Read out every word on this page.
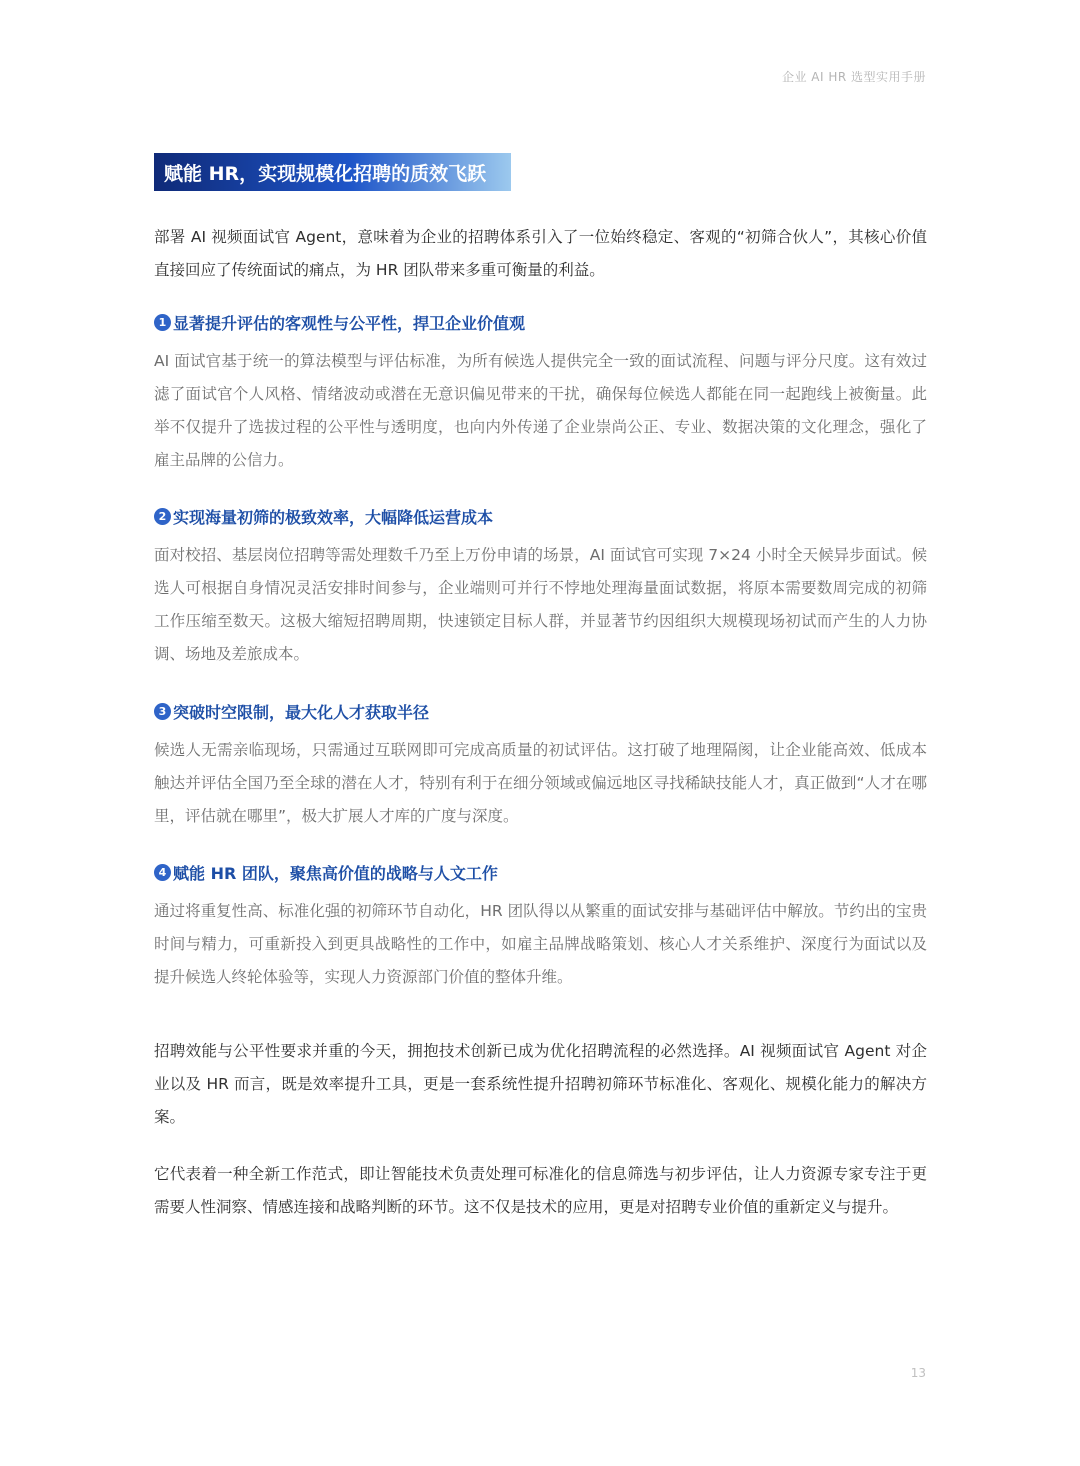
企业 AI HR 选型实用手册
赋能 HR，实现规模化招聘的质效飞跃

部署 AI 视频面试官 Agent，意味着为企业的招聘体系引入了一位始终稳定、客观的“初筛合伙人”，其核心价值直接回应了传统面试的痛点，为 HR 团队带来多重可衡量的利益。

1 显著提升评估的客观性与公平性，捍卫企业价值观

AI 面试官基于统一的算法模型与评估标准，为所有候选人提供完全一致的面试流程、问题与评分尺度。这有效过滤了面试官个人风格、情绪波动或潜在无意识偏见带来的干扰，确保每位候选人都能在同一起跑线上被衡量。此举不仅提升了选拔过程的公平性与透明度，也向内外传递了企业崇尚公正、专业、数据决策的文化理念，强化了雇主品牌的公信力。

2 实现海量初筛的极致效率，大幅降低运营成本

面对校招、基层岗位招聘等需处理数千乃至上万份申请的场景，AI 面试官可实现 7×24 小时全天候异步面试。候选人可根据自身情况灵活安排时间参与，企业端则可并行不悖地处理海量面试数据，将原本需要数周完成的初筛工作压缩至数天。这极大缩短招聘周期，快速锁定目标人群，并显著节约因组织大规模现场初试而产生的人力协调、场地及差旅成本。

3 突破时空限制，最大化人才获取半径

候选人无需亲临现场，只需通过互联网即可完成高质量的初试评估。这打破了地理隔阂，让企业能高效、低成本触达并评估全国乃至全球的潜在人才，特别有利于在细分领域或偏远地区寻找稀缺技能人才，真正做到“人才在哪里，评估就在哪里”，极大扩展人才库的广度与深度。

4 赋能 HR 团队，聚焦高价值的战略与人文工作

通过将重复性高、标准化强的初筛环节自动化，HR 团队得以从繁重的面试安排与基础评估中解放。节约出的宝贵时间与精力，可重新投入到更具战略性的工作中，如雇主品牌战略策划、核心人才关系维护、深度行为面试以及提升候选人终轮体验等，实现人力资源部门价值的整体升维。

招聘效能与公平性要求并重的今天，拥抱技术创新已成为优化招聘流程的必然选择。AI 视频面试官 Agent 对企业以及 HR 而言，既是效率提升工具，更是一套系统性提升招聘初筛环节标准化、客观化、规模化能力的解决方案。

它代表着一种全新工作范式，即让智能技术负责处理可标准化的信息筛选与初步评估，让人力资源专家专注于更需要人性洞察、情感连接和战略判断的环节。这不仅是技术的应用，更是对招聘专业价值的重新定义与提升。

13
